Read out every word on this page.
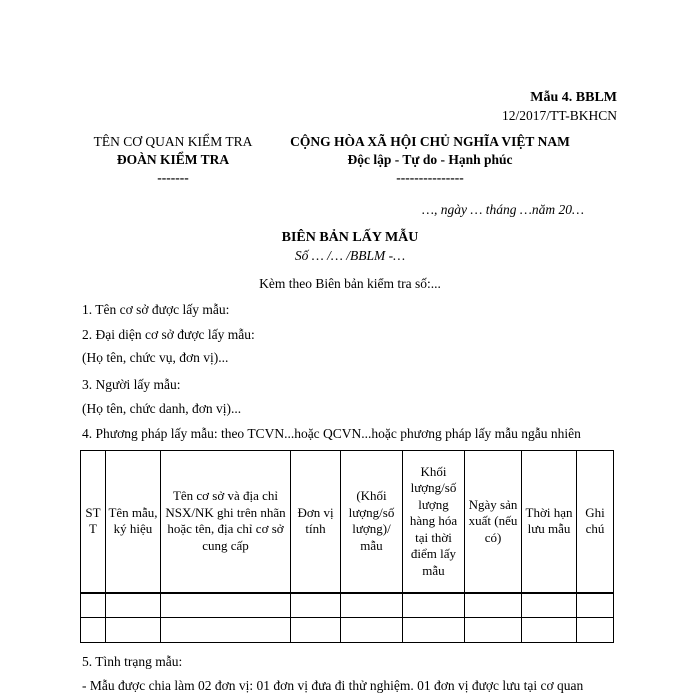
Mẫu 4. BBLM
12/2017/TT-BKHCN
TÊN CƠ QUAN KIỂM TRA
ĐOÀN KIỂM TRA
-------
CỘNG HÒA XÃ HỘI CHỦ NGHĨA VIỆT NAM
Độc lập - Tự do - Hạnh phúc
---------------
…, ngày … tháng …năm 20…
BIÊN BẢN LẤY MẪU
Số … /… /BBLM -…
Kèm theo Biên bản kiểm tra số:...
1. Tên cơ sở được lấy mẫu:
2. Đại diện cơ sở được lấy mẫu:
(Họ tên, chức vụ, đơn vị)...
3. Người lấy mẫu:
(Họ tên, chức danh, đơn vị)...
4. Phương pháp lấy mẫu: theo TCVN...hoặc QCVN...hoặc phương pháp lấy mẫu ngẫu nhiên
STT	Tên mẫu, ký hiệu	Tên cơ sở và địa chỉ NSX/NK ghi trên nhãn hoặc tên, địa chỉ cơ sở cung cấp	Đơn vị tính	(Khối lượng/số lượng)/ mẫu	Khối lượng/số lượng hàng hóa tại thời điểm lấy mẫu	Ngày sản xuất (nếu có)	Thời hạn lưu mẫu	Ghi chú

5. Tình trạng mẫu:
- Mẫu được chia làm 02 đơn vị: 01 đơn vị đưa đi thử nghiệm. 01 đơn vị được lưu tại cơ quan
